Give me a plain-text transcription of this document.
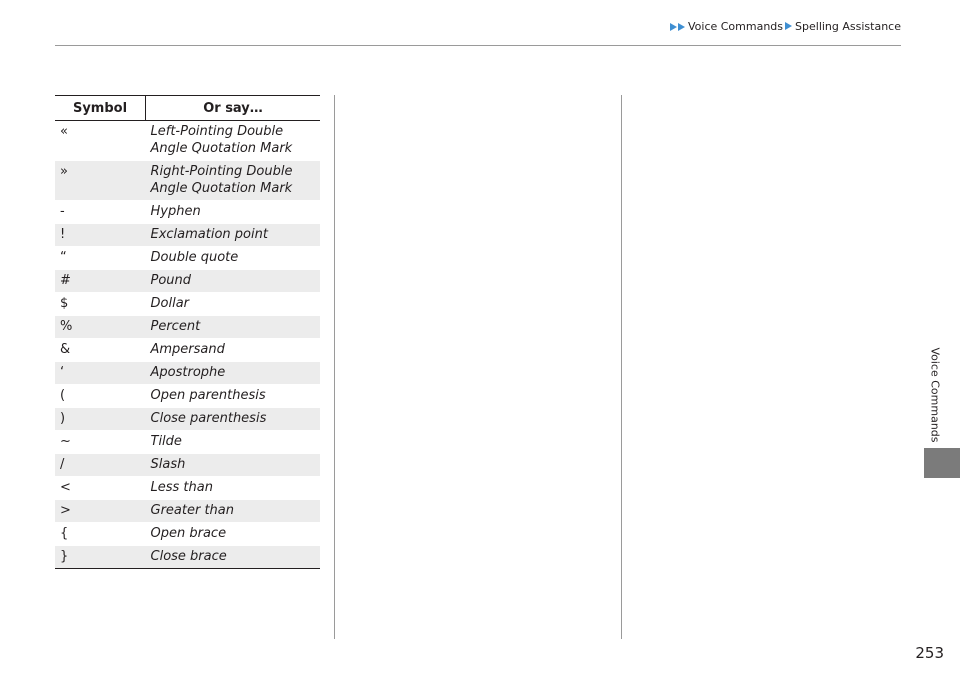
Voice Commands Spelling Assistance
Symbol	Or say…
«	Left-Pointing Double Angle Quotation Mark
»	Right-Pointing Double Angle Quotation Mark
-	Hyphen
!	Exclamation point
“	Double quote
#	Pound
$	Dollar
%	Percent
&	Ampersand
‘	Apostrophe
(	Open parenthesis
)	Close parenthesis
~	Tilde
/	Slash
<	Less than
>	Greater than
{	Open brace
}	Close brace
Voice Commands
253
